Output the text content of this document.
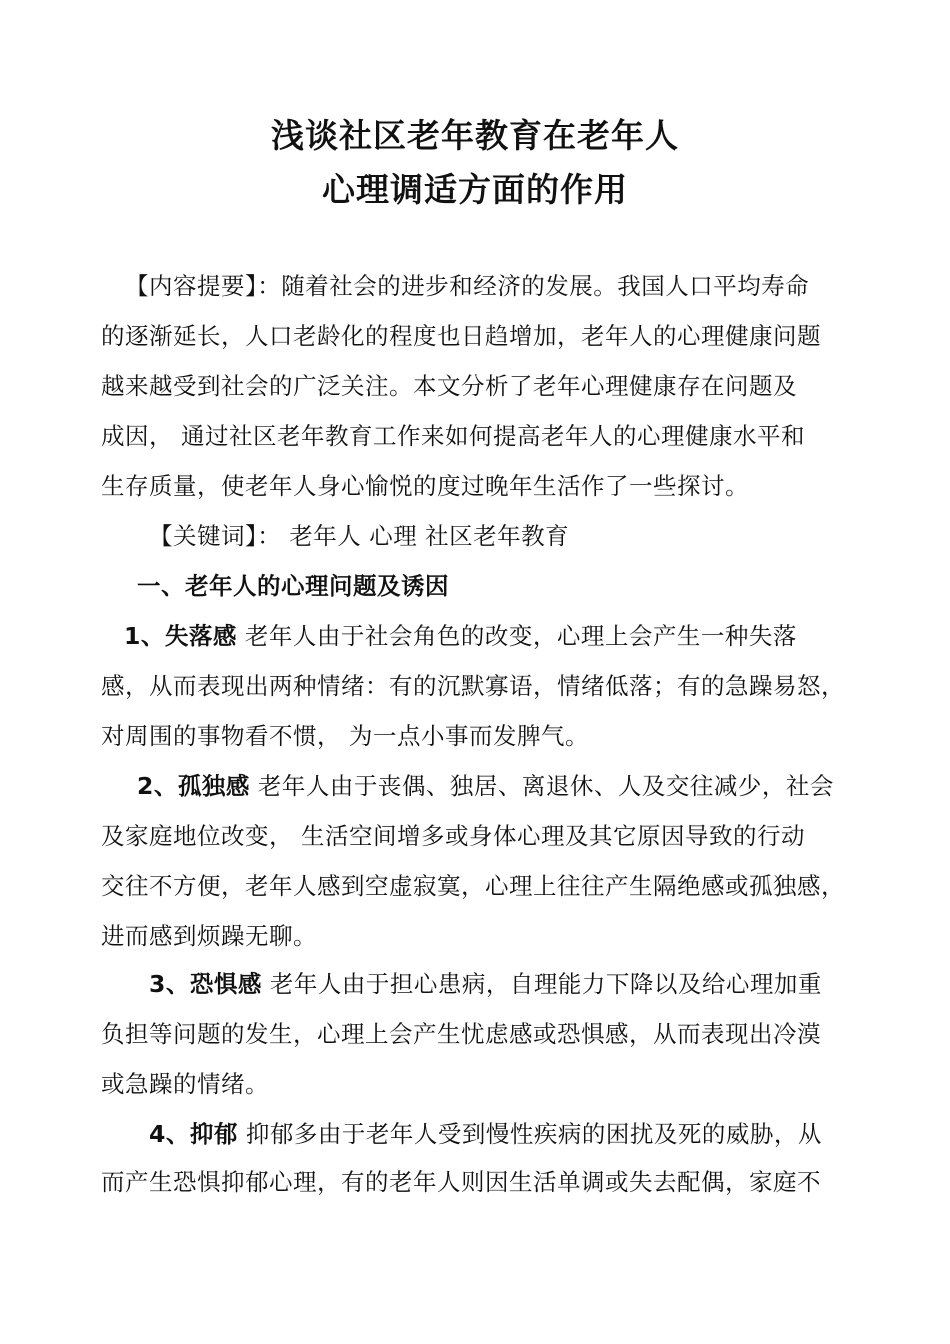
浅谈社区老年教育在老年人
心理调适方面的作用
【内容提要】：随着社会的进步和经济的发展。我国人口平均寿命
的逐渐延长，人口老龄化的程度也日趋增加，老年人的心理健康问题
越来越受到社会的广泛关注。本文分析了老年心理健康存在问题及
成因， 通过社区老年教育工作来如何提高老年人的心理健康水平和
生存质量，使老年人身心愉悦的度过晚年生活作了一些探讨。
【关键词】： 老年人 心理 社区老年教育
一、老年人的心理问题及诱因
1、失落感 老年人由于社会角色的改变，心理上会产生一种失落
感，从而表现出两种情绪：有的沉默寡语，情绪低落；有的急躁易怒，
对周围的事物看不惯， 为一点小事而发脾气。
2、孤独感 老年人由于丧偶、独居、离退休、人及交往减少，社会
及家庭地位改变， 生活空间增多或身体心理及其它原因导致的行动
交往不方便，老年人感到空虚寂寞，心理上往往产生隔绝感或孤独感，
进而感到烦躁无聊。
3、恐惧感 老年人由于担心患病，自理能力下降以及给心理加重
负担等问题的发生，心理上会产生忧虑感或恐惧感，从而表现出冷漠
或急躁的情绪。
4、抑郁 抑郁多由于老年人受到慢性疾病的困扰及死的威胁，从
而产生恐惧抑郁心理，有的老年人则因生活单调或失去配偶，家庭不
